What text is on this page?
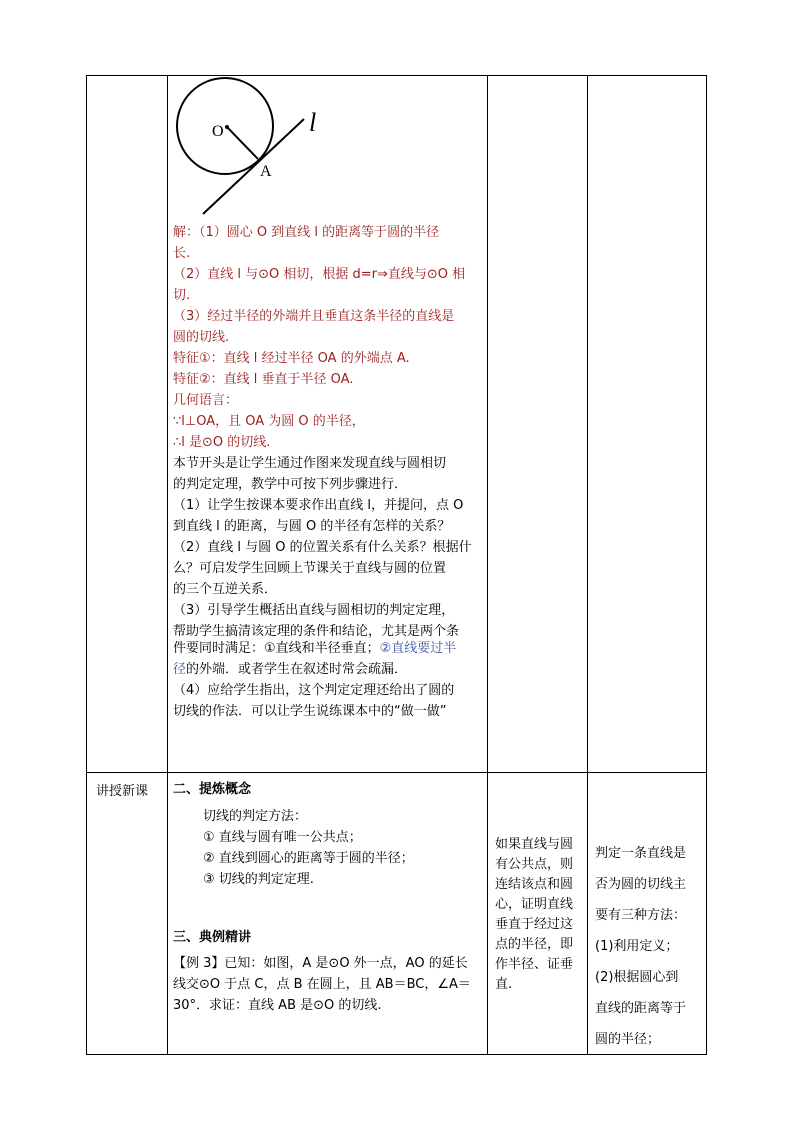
O
A
l
解：（1）圆心 O 到直线 l 的距离等于圆的半径
长.
（2）直线 l 与⊙O 相切，根据 d=r⇒直线与⊙O 相
切.
（3）经过半径的外端并且垂直这条半径的直线是
圆的切线.
特征①：直线 l 经过半径 OA 的外端点 A.
特征②：直线 l 垂直于半径 OA.
几何语言：
∵l⊥OA，且 OA 为圆 O 的半径，
∴l 是⊙O 的切线.
本节开头是让学生通过作图来发现直线与圆相切
的判定定理，教学中可按下列步骤进行．
（1）让学生按课本要求作出直线 l，并提问，点 O
到直线 l 的距离，与圆 O 的半径有怎样的关系？
（2）直线 l 与圆 O 的位置关系有什么关系？根据什
么？可启发学生回顾上节课关于直线与圆的位置
的三个互逆关系．
（3）引导学生概括出直线与圆相切的判定定理，
帮助学生搞清该定理的条件和结论，尤其是两个条
件要同时满足：①直线和半径垂直；②直线要过半
径的外端．或者学生在叙述时常会疏漏．
（4）应给学生指出，这个判定定理还给出了圆的
切线的作法．可以让学生说练课本中的“做一做”
讲授新课 二、提炼概念
切线的判定方法：
① 直线与圆有唯一公共点；
② 直线到圆心的距离等于圆的半径；
③ 切线的判定定理.
三、典例精讲
【例 3】已知：如图，A 是⊙O 外一点，AO 的延长
线交⊙O 于点 C，点 B 在圆上，且 AB＝BC，∠A＝
30°．求证：直线 AB 是⊙O 的切线.
如果直线与圆
有公共点，则
连结该点和圆
心，证明直线
垂直于经过这
点的半径，即
作半径、证垂
直.
判定一条直线是
否为圆的切线主
要有三种方法：
(1)利用定义；
(2)根据圆心到
直线的距离等于
圆的半径；
